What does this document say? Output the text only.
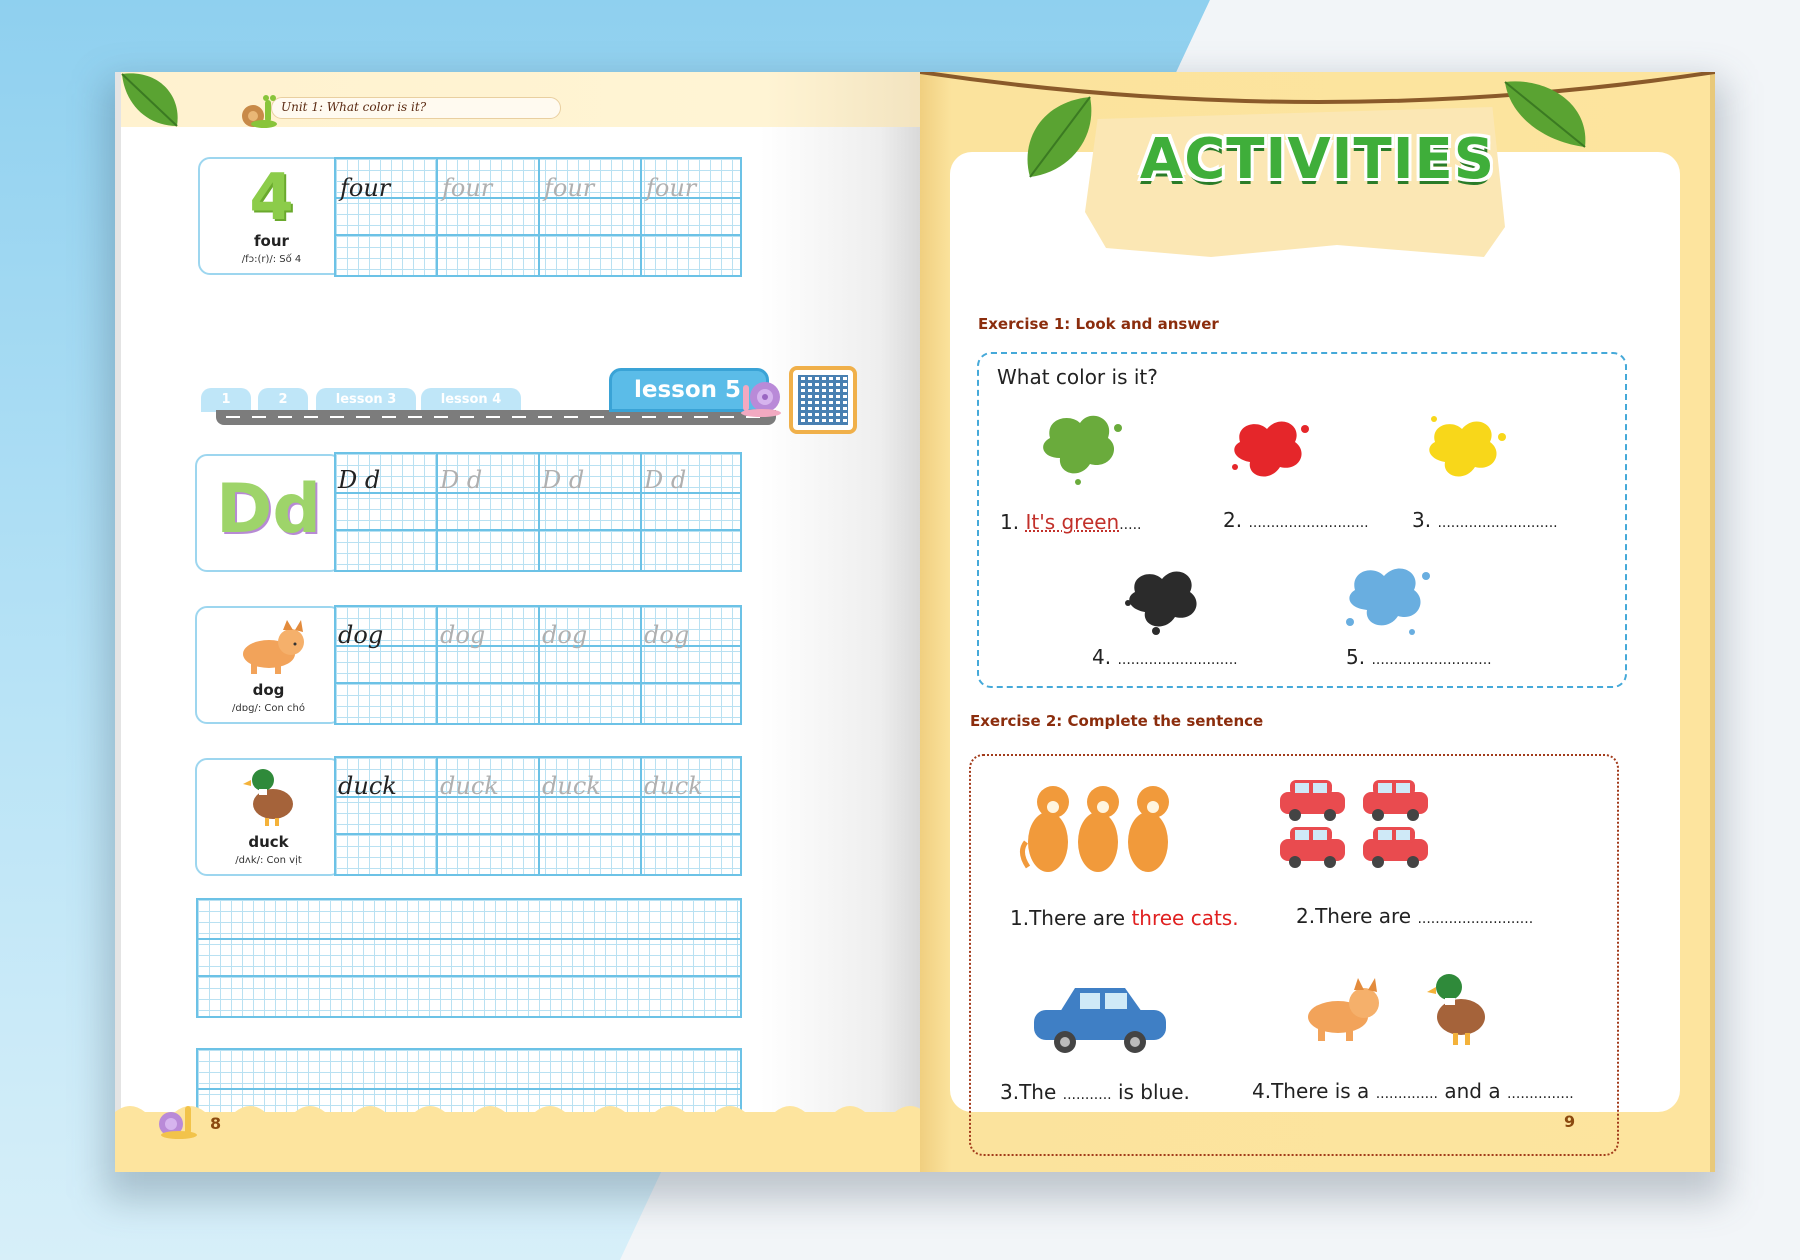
Unit 1: What color is it?
4
four
/fɔ:(r)/: Số 4
four four four four
1	2	lesson 3	lesson 4	lesson 5
Dd D d D d D d D d
dog
/dɒg/: Con chó
dog dog dog dog
duck
/dʌk/: Con vịt
duck duck duck duck
8
ACTIVITIES
Exercise 1: Look and answer
What color is it?
1. It's green.....	2. ........................... 3. ...........................
4. ...........................	5. ...........................
Exercise 2: Complete the sentence
1.There are three cats.	2.There are ..........................
3.The ........... is blue.	4.There is a .............. and a ...............
9
